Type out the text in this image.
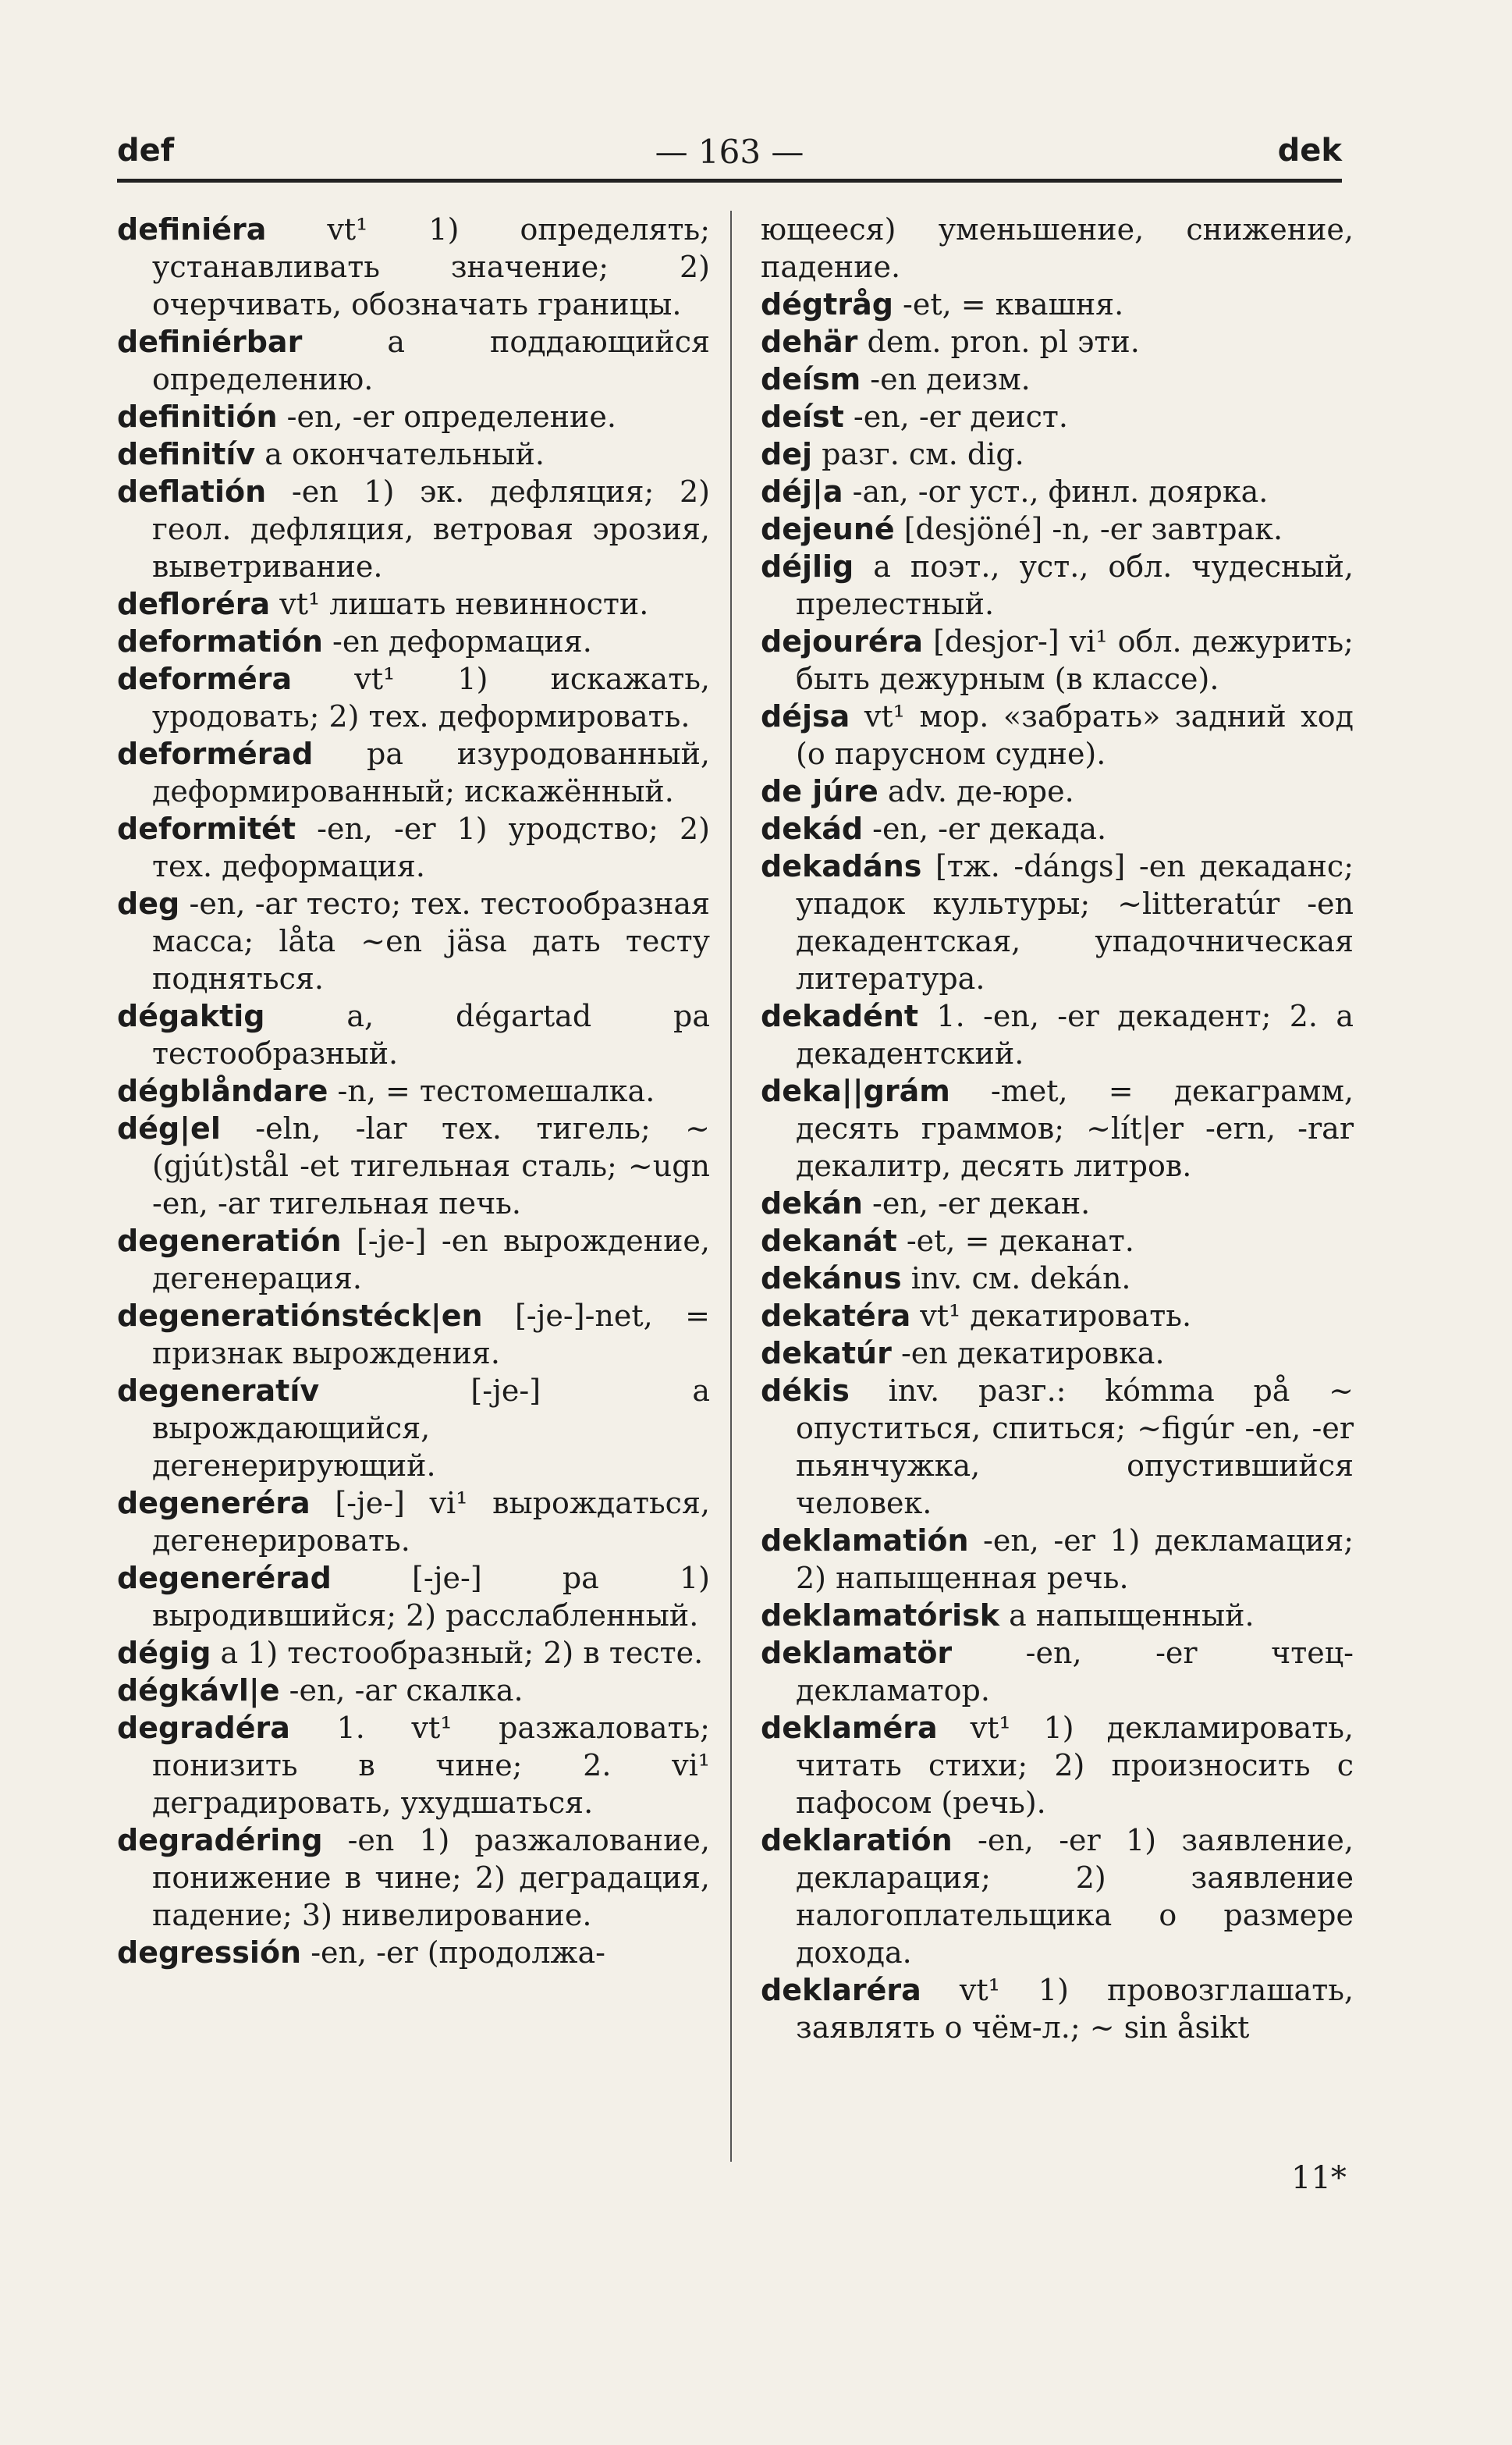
def	— 163 —	dek

definiéra vt¹ 1) определять; устанавливать значение; 2) очерчивать, обозначать границы.

definiérbar a поддающийся определению.

definitión -en, -er определение.

definitív a окончательный.

deflatión -en 1) эк. дефляция; 2) геол. дефляция, ветровая эрозия, выветривание.

defloréra vt¹ лишать невинности.

deformatión -en деформация.

deforméra vt¹ 1) искажать, уродовать; 2) тех. деформировать.

deformérad pa изуродованный, деформированный; искажённый.

deformitét -en, -er 1) уродство; 2) тех. деформация.

deg -en, -ar тесто; тех. тестообразная масса; låta ~en jäsa дать тесту подняться.

dégaktig a, dégartad pa тестообразный.

dégblåndare -n, = тестомешалка.

dég|el -eln, -lar тех. тигель; ~(gjút)stål -et тигельная сталь; ~ugn -en, -ar тигельная печь.

degeneratión [-je-] -en вырождение, дегенерация.

degeneratiónstéck|en [-je-]-net, = признак вырождения.

degeneratív [-je-] a вырождающийся, дегенерирующий.

degeneréra [-je-] vi¹ вырождаться, дегенерировать.

degenerérad [-je-] pa 1) выродившийся; 2) расслабленный.

dégig a 1) тестообразный; 2) в тесте.

dégkávl|e -en, -ar скалка.

degradéra 1. vt¹ разжаловать; понизить в чине; 2. vi¹ деградировать, ухудшаться.

degradéring -en 1) разжалование, понижение в чине; 2) деградация, падение; 3) нивелирование.

degressión -en, -er (продолжа-

ющееся) уменьшение, снижение, падение.

dégtråg -et, = квашня.

dehär dem. pron. pl эти.

deísm -en деизм.

deíst -en, -er деист.

dej разг. см. dig.

déj|a -an, -or уст., финл. доярка.

dejeuné [desjöné] -n, -er завтрак.

déjlig a поэт., уст., обл. чудесный, прелестный.

dejouréra [desjor-] vi¹ обл. дежурить; быть дежурным (в классе).

déjsa vt¹ мор. «забрать» задний ход (о парусном судне).

de júre adv. де-юре.

dekád -en, -er декада.

dekadáns [тж. -dángs] -en декаданс; упадок культуры; ~litteratúr -en декадентская, упадочническая литература.

dekadént 1. -en, -er декадент; 2. a декадентский.

deka||grám -met, = декаграмм, десять граммов; ~lít|er -ern, -rar декалитр, десять литров.

dekán -en, -er декан.

dekanát -et, = деканат.

dekánus inv. см. dekán.

dekatéra vt¹ декатировать.

dekatúr -en декатировка.

dékis inv. разг.: kómma på ~ опуститься, спиться; ~figúr -en, -er пьянчужка, опустившийся человек.

deklamatión -en, -er 1) декламация; 2) напыщенная речь.

deklamatórisk a напыщенный.

deklamatör -en, -er чтец-декламатор.

deklaméra vt¹ 1) декламировать, читать стихи; 2) произносить с пафосом (речь).

deklaratión -en, -er 1) заявление, декларация; 2) заявление налогоплательщика о размере дохода.

deklaréra vt¹ 1) провозглашать, заявлять о чём-л.; ~ sin åsikt

11*
